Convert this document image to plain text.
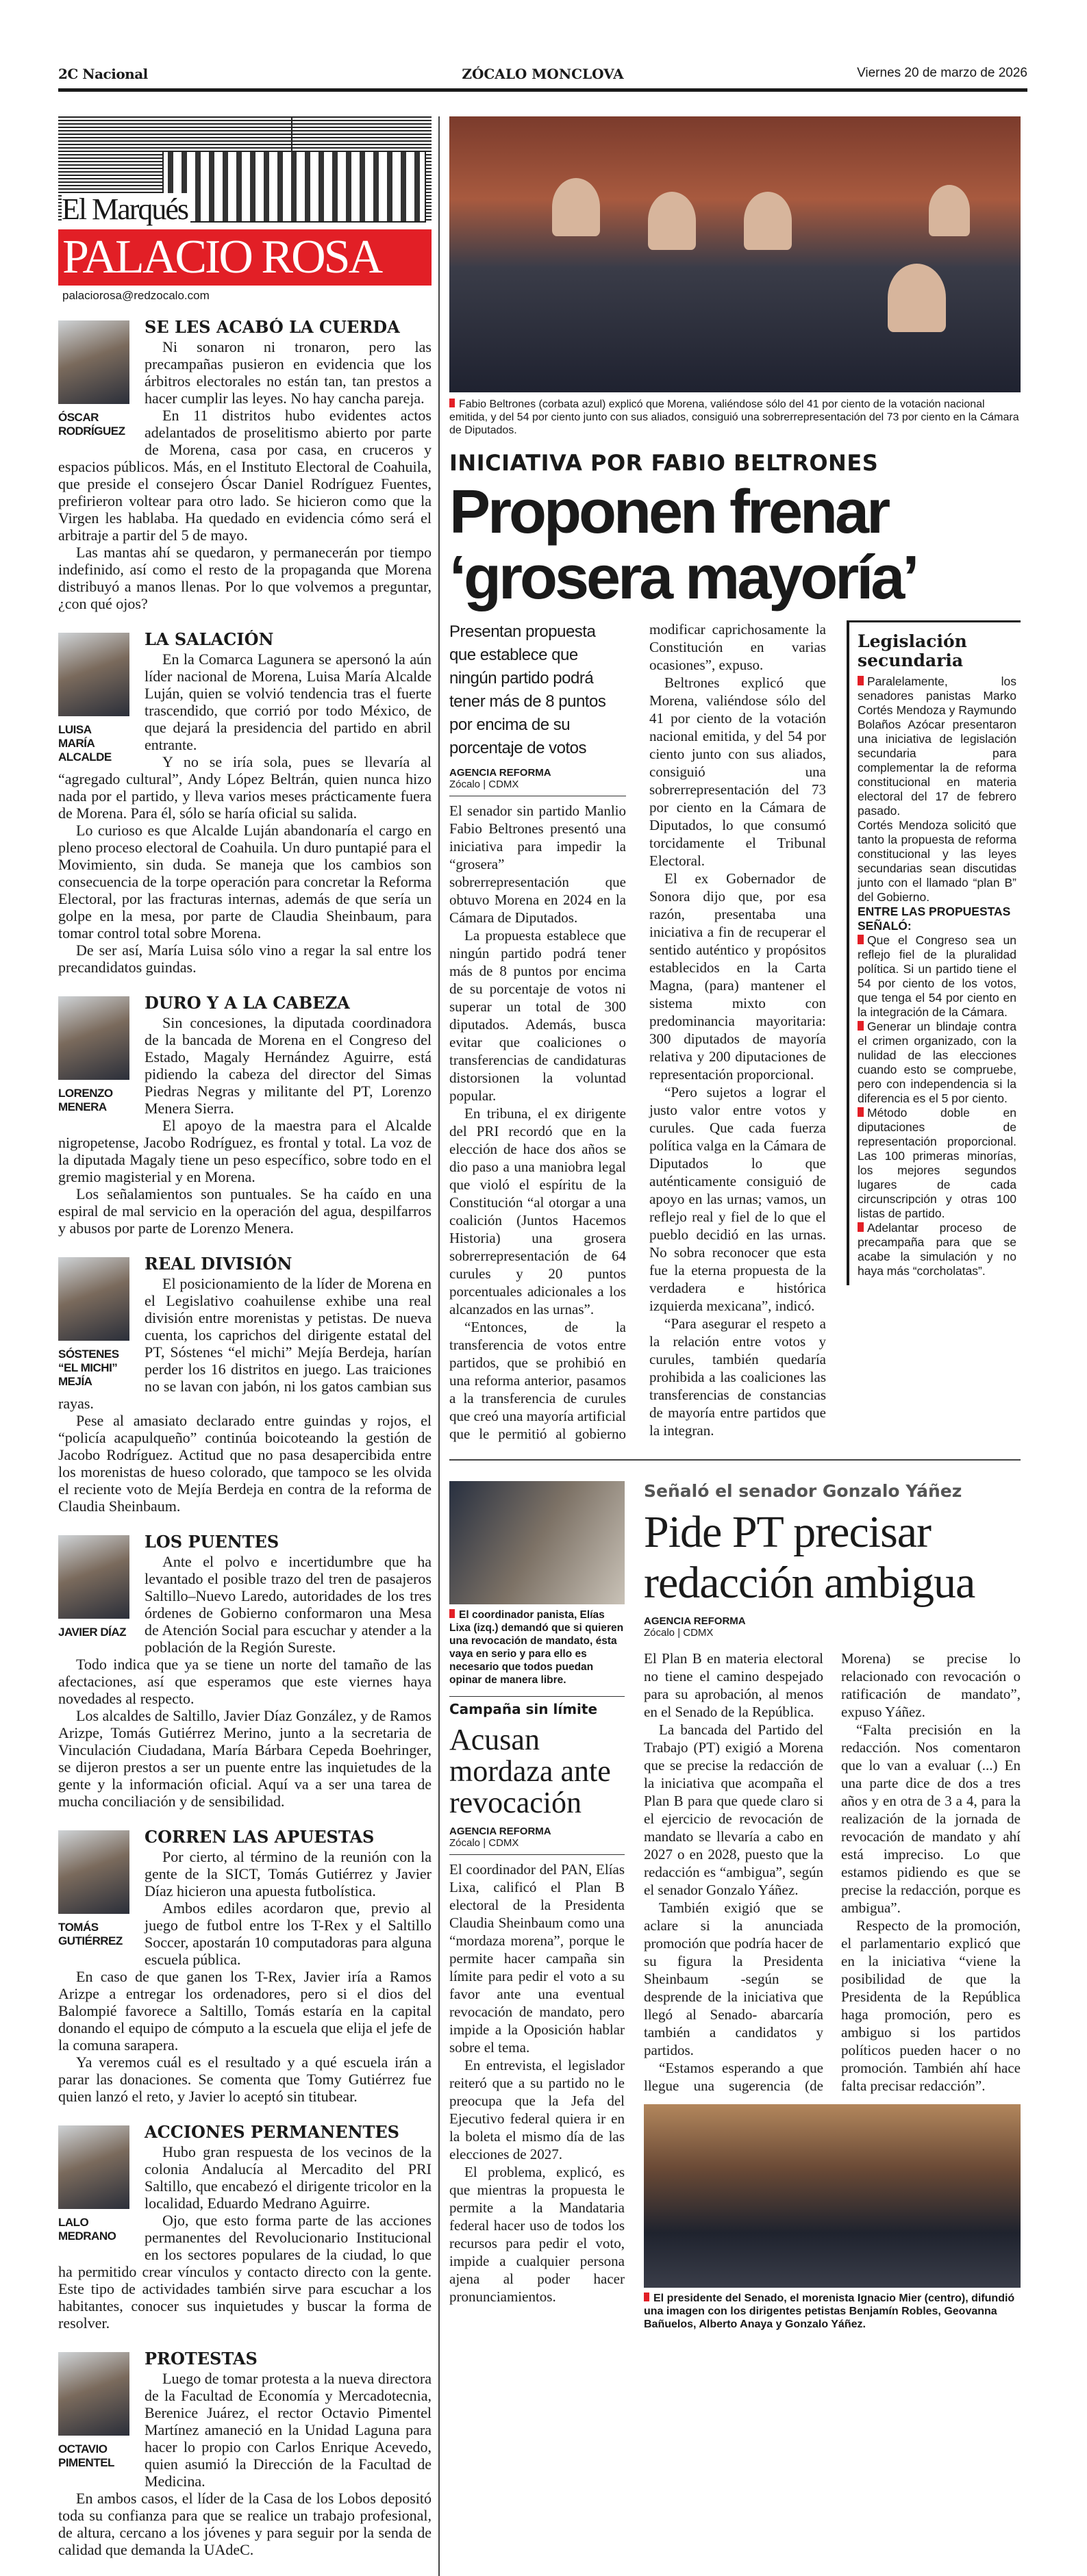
2C Nacional	ZÓCALO MONCLOVA	Viernes 20 de marzo de 2026
El Marqués
PALACIO ROSA
palaciorosa@redzocalo.com
ÓSCAR RODRÍGUEZ
SE LES ACABÓ LA CUERDA

Ni sonaron ni tronaron, pero las precampañas pusieron en evidencia que los árbitros electorales no están tan, tan prestos a hacer cumplir las leyes. No hay cancha pareja.

En 11 distritos hubo evidentes actos adelantados de proselitismo abierto por parte de Morena, casa por casa, en cruceros y espacios públicos. Más, en el Instituto Electoral de Coahuila, que preside el consejero Óscar Daniel Rodríguez Fuentes, prefirieron voltear para otro lado. Se hicieron como que la Virgen les hablaba. Ha quedado en evidencia cómo será el arbitraje a partir del 5 de mayo.

Las mantas ahí se quedaron, y permanecerán por tiempo indefinido, así como el resto de la propaganda que Morena distribuyó a manos llenas. Por lo que volvemos a preguntar, ¿con qué ojos?

LUISA MARÍA ALCALDE
LA SALACIÓN

En la Comarca Lagunera se apersonó la aún líder nacional de Morena, Luisa María Alcalde Luján, quien se volvió tendencia tras el fuerte trascendido, que corrió por todo México, de que dejará la presidencia del partido en abril entrante.

Y no se iría sola, pues se llevaría al “agregado cultural”, Andy López Beltrán, quien nunca hizo nada por el partido, y lleva varios meses prácticamente fuera de Morena. Para él, sólo se haría oficial su salida.

Lo curioso es que Alcalde Luján abandonaría el cargo en pleno proceso electoral de Coahuila. Un duro puntapié para el Movimiento, sin duda. Se maneja que los cambios son consecuencia de la torpe operación para concretar la Reforma Electoral, por las fracturas internas, además de que sería un golpe en la mesa, por parte de Claudia Sheinbaum, para tomar control total sobre Morena.

De ser así, María Luisa sólo vino a regar la sal entre los precandidatos guindas.

LORENZO MENERA
DURO Y A LA CABEZA

Sin concesiones, la diputada coordinadora de la bancada de Morena en el Congreso del Estado, Magaly Hernández Aguirre, está pidiendo la cabeza del director del Simas Piedras Negras y militante del PT, Lorenzo Menera Sierra.

El apoyo de la maestra para el Alcalde nigropetense, Jacobo Rodríguez, es frontal y total. La voz de la diputada Magaly tiene un peso específico, sobre todo en el gremio magisterial y en Morena.

Los señalamientos son puntuales. Se ha caído en una espiral de mal servicio en la operación del agua, despilfarros y abusos por parte de Lorenzo Menera.

SÓSTENES “EL MICHI” MEJÍA
REAL DIVISIÓN

El posicionamiento de la líder de Morena en el Legislativo coahuilense exhibe una real división entre morenistas y petistas. De nueva cuenta, los caprichos del dirigente estatal del PT, Sóstenes “el michi” Mejía Berdeja, harían perder los 16 distritos en juego. Las traiciones no se lavan con jabón, ni los gatos cambian sus rayas.

Pese al amasiato declarado entre guindas y rojos, el “policía acapulqueño” continúa boicoteando la gestión de Jacobo Rodríguez. Actitud que no pasa desapercibida entre los morenistas de hueso colorado, que tampoco se les olvida el reciente voto de Mejía Berdeja en contra de la reforma de Claudia Sheinbaum.

JAVIER DÍAZ
LOS PUENTES

Ante el polvo e incertidumbre que ha levantado el posible trazo del tren de pasajeros Saltillo–Nuevo Laredo, autoridades de los tres órdenes de Gobierno conformaron una Mesa de Atención Social para escuchar y atender a la población de la Región Sureste.

Todo indica que ya se tiene un norte del tamaño de las afectaciones, así que esperamos que este viernes haya novedades al respecto.

Los alcaldes de Saltillo, Javier Díaz González, y de Ramos Arizpe, Tomás Gutiérrez Merino, junto a la secretaria de Vinculación Ciudadana, María Bárbara Cepeda Boehringer, se dijeron prestos a ser un puente entre las inquietudes de la gente y la información oficial. Aquí va a ser una tarea de mucha conciliación y de sensibilidad.

TOMÁS GUTIÉRREZ
CORREN LAS APUESTAS

Por cierto, al término de la reunión con la gente de la SICT, Tomás Gutiérrez y Javier Díaz hicieron una apuesta futbolística.

Ambos ediles acordaron que, previo al juego de futbol entre los T-Rex y el Saltillo Soccer, apostarán 10 computadoras para alguna escuela pública.

En caso de que ganen los T-Rex, Javier iría a Ramos Arizpe a entregar los ordenadores, pero si el dios del Balompié favorece a Saltillo, Tomás estaría en la capital donando el equipo de cómputo a la escuela que elija el jefe de la comuna sarapera.

Ya veremos cuál es el resultado y a qué escuela irán a parar las donaciones. Se comenta que Tomy Gutiérrez fue quien lanzó el reto, y Javier lo aceptó sin titubear.

LALO MEDRANO
ACCIONES PERMANENTES

Hubo gran respuesta de los vecinos de la colonia Andalucía al Mercadito del PRI Saltillo, que encabezó el dirigente tricolor en la localidad, Eduardo Medrano Aguirre.

Ojo, que esto forma parte de las acciones permanentes del Revolucionario Institucional en los sectores populares de la ciudad, lo que ha permitido crear vínculos y contacto directo con la gente. Este tipo de actividades también sirve para escuchar a los habitantes, conocer sus inquietudes y buscar la forma de resolver.

OCTAVIO PIMENTEL
PROTESTAS

Luego de tomar protesta a la nueva directora de la Facultad de Economía y Mercadotecnia, Berenice Juárez, el rector Octavio Pimentel Martínez amaneció en la Unidad Laguna para hacer lo propio con Carlos Enrique Acevedo, quien asumió la Dirección de la Facultad de Medicina.

En ambos casos, el líder de la Casa de los Lobos depositó toda su confianza para que se realice un trabajo profesional, de altura, cercano a los jóvenes y para seguir por la senda de calidad que demanda la UAdeC.

Fabio Beltrones (corbata azul) explicó que Morena, valiéndose sólo del 41 por ciento de la votación nacional emitida, y del 54 por ciento junto con sus aliados, consiguió una sobrerrepresentación del 73 por ciento en la Cámara de Diputados.
INICIATIVA POR FABIO BELTRONES
Proponen frenar
‘grosera mayoría’
Presentan propuesta que establece que ningún partido podrá tener más de 8 puntos por encima de su porcentaje de votos
AGENCIA REFORMA
Zócalo | CDMX

El senador sin partido Manlio Fabio Beltrones presentó una iniciativa para impedir la “grosera” sobrerrepresentación que obtuvo Morena en 2024 en la Cámara de Diputados.

La propuesta establece que ningún partido podrá tener más de 8 puntos por encima de su porcentaje de votos ni superar un total de 300 diputados. Además, busca evitar que coaliciones o transferencias de candidaturas distorsionen la voluntad popular.

En tribuna, el ex dirigente del PRI recordó que en la elección de hace dos años se dio paso a una maniobra legal que violó el espíritu de la Constitución “al otorgar a una coalición (Juntos Hacemos Historia) una grosera sobrerrepresentación de 64 curules y 20 puntos porcentuales adicionales a los alcanzados en las urnas”.

“Entonces, de la transferencia de votos entre partidos, que se prohibió en una reforma anterior, pasamos a la transferencia de curules que creó una mayoría artificial que le permitió al gobierno modificar caprichosamente la Constitución en varias ocasiones”, expuso.

Beltrones explicó que Morena, valiéndose sólo del 41 por ciento de la votación nacional emitida, y del 54 por ciento junto con sus aliados, consiguió una sobrerrepresentación del 73 por ciento en la Cámara de Diputados, lo que consumó torcidamente el Tribunal Electoral.

El ex Gobernador de Sonora dijo que, por esa razón, presentaba una iniciativa a fin de recuperar el sentido auténtico y propósitos establecidos en la Carta Magna, (para) mantener el sistema mixto con predominancia mayoritaria: 300 diputados de mayoría relativa y 200 diputaciones de representación proporcional.

“Pero sujetos a lograr el justo valor entre votos y curules. Que cada fuerza política valga en la Cámara de Diputados lo que auténticamente consiguió de apoyo en las urnas; vamos, un reflejo real y fiel de lo que el pueblo decidió en las urnas. No sobra reconocer que esta fue la eterna propuesta de la verdadera e histórica izquierda mexicana”, indicó.

“Para asegurar el respeto a la relación entre votos y curules, también quedaría prohibida a las coaliciones las transferencias de constancias de mayoría entre partidos que la integran.

Legislación secundaria

Paralelamente, los senadores panistas Marko Cortés Mendoza y Raymundo Bolaños Azócar presentaron una iniciativa de legislación secundaria para complementar la de reforma constitucional en materia electoral del 17 de febrero pasado.

Cortés Mendoza solicitó que tanto la propuesta de reforma constitucional y las leyes secundarias sean discutidas junto con el llamado “plan B” del Gobierno.

ENTRE LAS PROPUESTAS SEÑALÓ:

Que el Congreso sea un reflejo fiel de la pluralidad política. Si un partido tiene el 54 por ciento de los votos, que tenga el 54 por ciento en la integración de la Cámara.

Generar un blindaje contra el crimen organizado, con la nulidad de las elecciones cuando esto se compruebe, pero con independencia si la diferencia es el 5 por ciento.

Método doble en diputaciones de representación proporcional. Las 100 primeras minorías, los mejores segundos lugares de cada circunscripción y otras 100 listas de partido.

Adelantar proceso de precampaña para que se acabe la simulación y no haya más “corcholatas”.

El coordinador panista, Elías Lixa (izq.) demandó que si quieren una revocación de mandato, ésta vaya en serio y para ello es necesario que todos puedan opinar de manera libre.
Campaña sin límite
Acusan mordaza ante revocación
AGENCIA REFORMA
Zócalo | CDMX

El coordinador del PAN, Elías Lixa, calificó el Plan B electoral de la Presidenta Claudia Sheinbaum como una “mordaza morena”, porque le permite hacer campaña sin límite para pedir el voto a su favor ante una eventual revocación de mandato, pero impide a la Oposición hablar sobre el tema.

En entrevista, el legislador reiteró que a su partido no le preocupa que la Jefa del Ejecutivo federal quiera ir en la boleta el mismo día de las elecciones de 2027.

El problema, explicó, es que mientras la propuesta le permite a la Mandataria federal hacer uso de todos los recursos para pedir el voto, impide a cualquier persona ajena al poder hacer pronunciamientos.

Señaló el senador Gonzalo Yáñez
Pide PT precisar redacción ambigua
AGENCIA REFORMA
Zócalo | CDMX

El Plan B en materia electoral no tiene el camino despejado para su aprobación, al menos en el Senado de la República.

La bancada del Partido del Trabajo (PT) exigió a Morena que se precise la redacción de la iniciativa que acompaña el Plan B para que quede claro si el ejercicio de revocación de mandato se llevaría a cabo en 2027 o en 2028, puesto que la redacción es “ambigua”, según el senador Gonzalo Yáñez.

También exigió que se aclare si la anunciada promoción que podría hacer de su figura la Presidenta Sheinbaum -según se desprende de la iniciativa que llegó al Senado- abarcaría también a candidatos y partidos.

“Estamos esperando a que llegue una sugerencia (de Morena) se precise lo relacionado con revocación o ratificación de mandato”, expuso Yáñez.

“Falta precisión en la redacción. Nos comentaron que lo van a evaluar (...) En una parte dice de dos a tres años y en otra de 3 a 4, para la realización de la jornada de revocación de mandato y ahí está impreciso. Lo que estamos pidiendo es que se precise la redacción, porque es ambigua”.

Respecto de la promoción, el parlamentario explicó que en la iniciativa “viene la posibilidad de que la Presidenta de la República haga promoción, pero es ambiguo si los partidos políticos pueden hacer o no promoción. También ahí hace falta precisar redacción”.

El presidente del Senado, el morenista Ignacio Mier (centro), difundió una imagen con los dirigentes petistas Benjamín Robles, Geovanna Bañuelos, Alberto Anaya y Gonzalo Yáñez.
